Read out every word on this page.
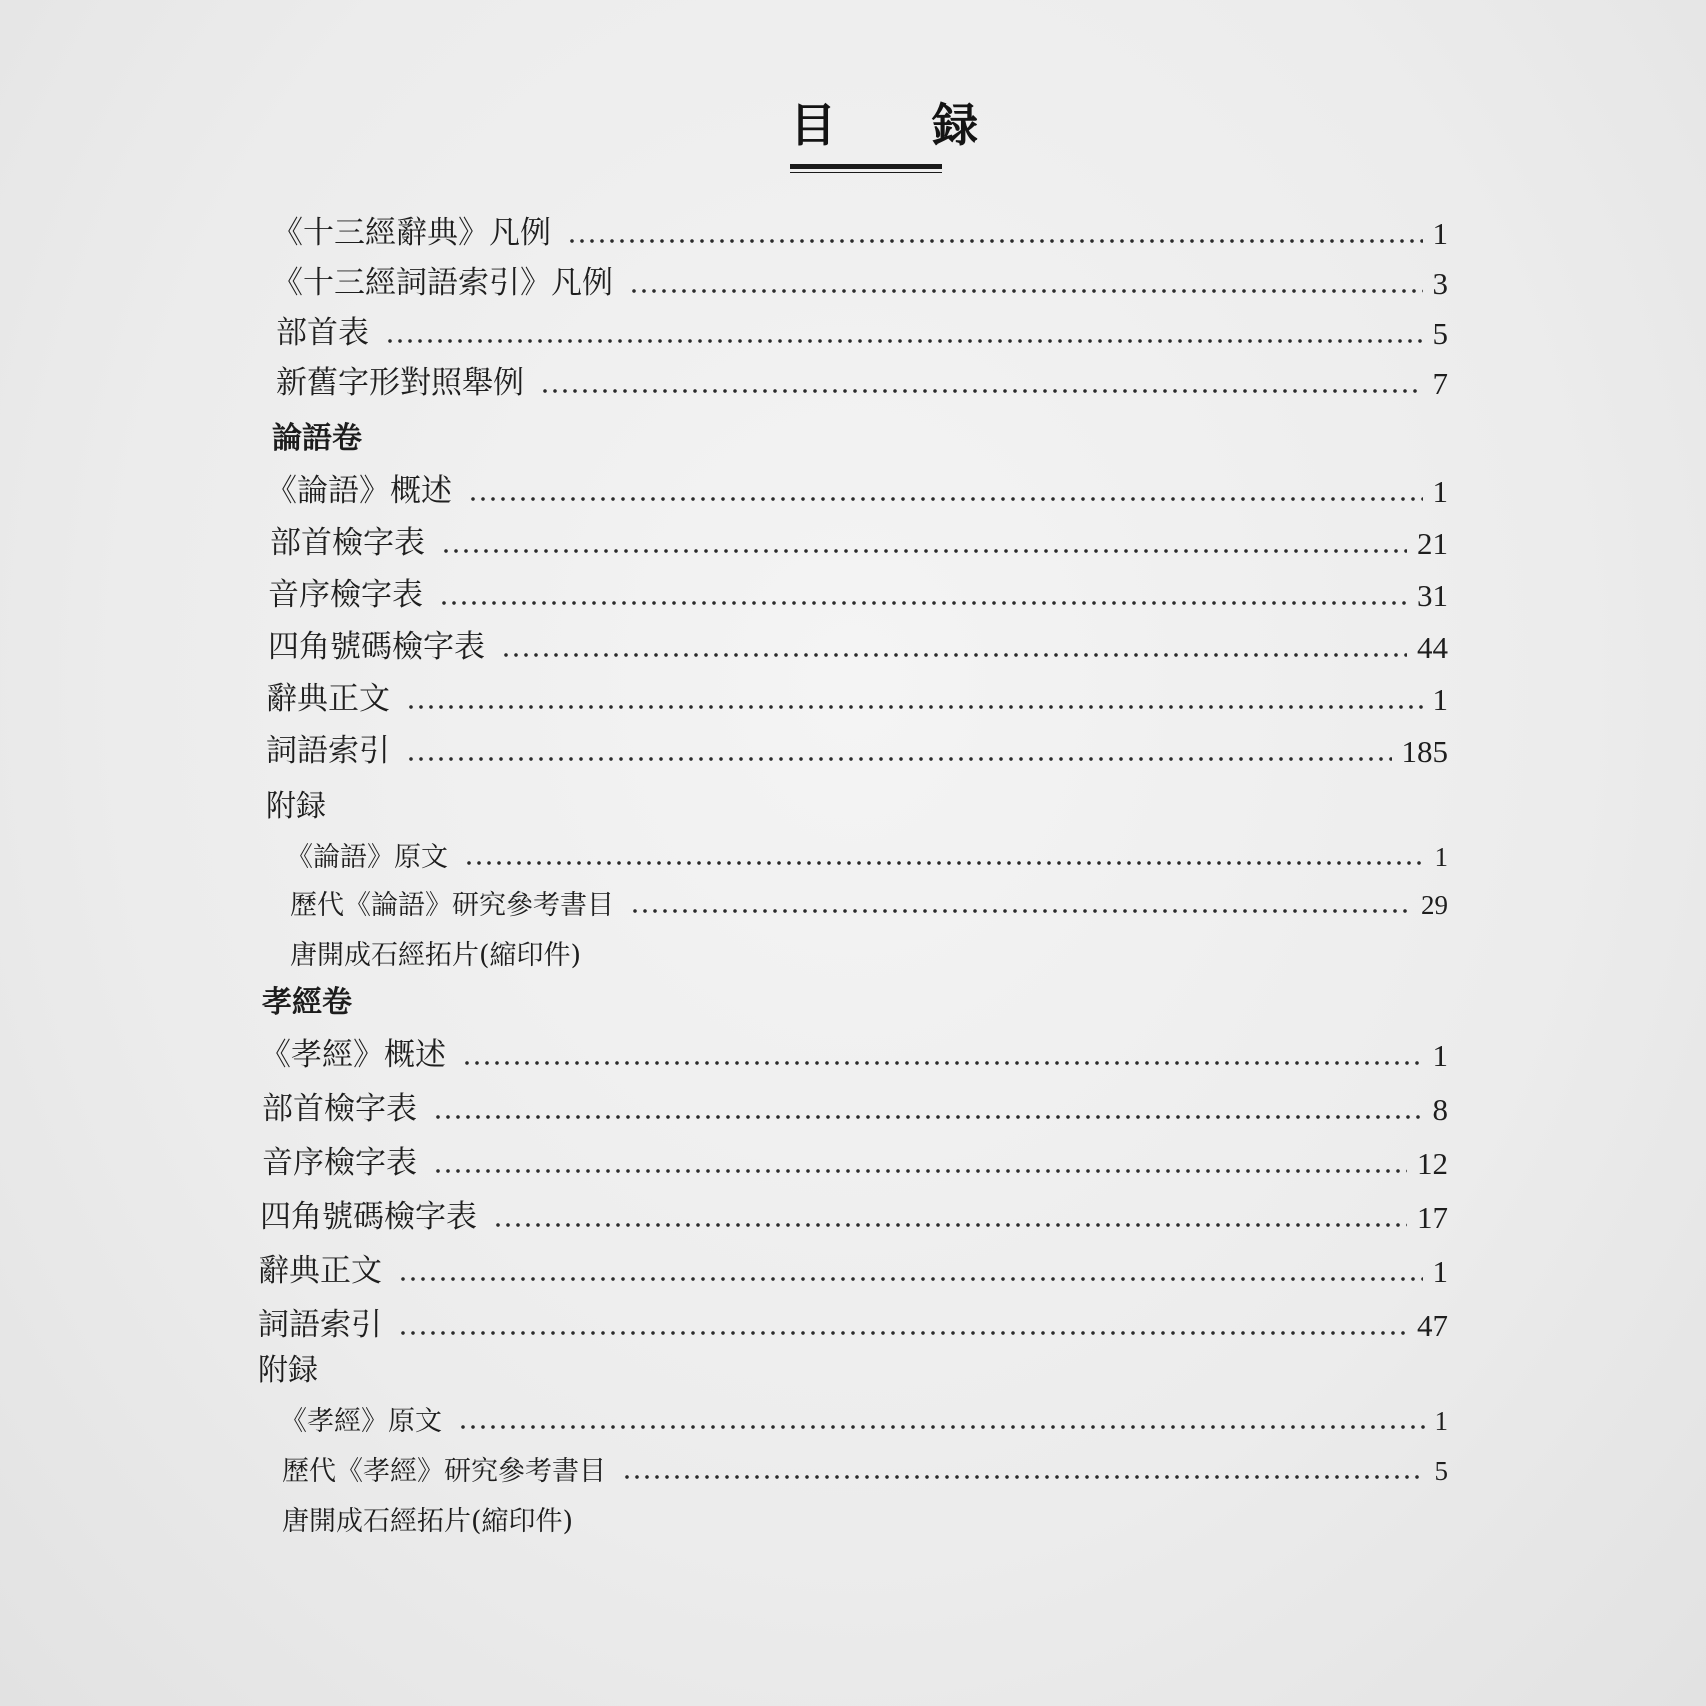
目 録
《十三經辭典》凡例	1
《十三經詞語索引》凡例	3
部首表	5
新舊字形對照舉例	7
論語卷
《論語》概述	1
部首檢字表	21
音序檢字表	31
四角號碼檢字表	44
辭典正文	1
詞語索引	185
附録
《論語》原文	1
歷代《論語》研究參考書目	29
唐開成石經拓片(縮印件)
孝經卷
《孝經》概述	1
部首檢字表	8
音序檢字表	12
四角號碼檢字表	17
辭典正文	1
詞語索引	47
附録
《孝經》原文	1
歷代《孝經》研究參考書目	5
唐開成石經拓片(縮印件)
